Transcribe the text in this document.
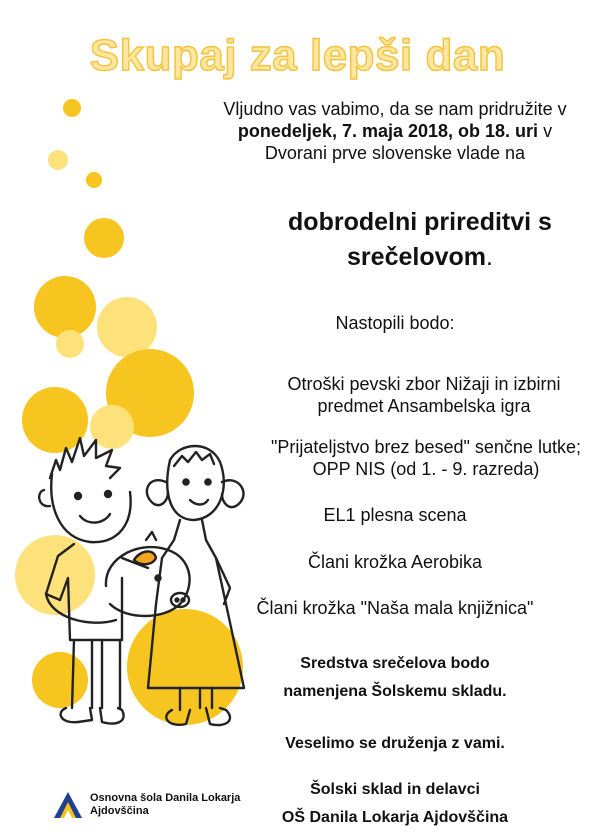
Skupaj za lepši dan
Vljudno vas vabimo, da se nam pridružite v
ponedeljek, 7. maja 2018, ob 18. uri v
Dvorani prve slovenske vlade na
dobrodelni prireditvi s
srečelovom.
Nastopili bodo:
Otroški pevski zbor Nižaji in izbirni predmet Ansambelska igra
"Prijateljstvo brez besed" senčne lutke; OPP NIS (od 1. - 9. razreda)
EL1 plesna scena
Člani krožka Aerobika
Člani krožka "Naša mala knjižnica"
Sredstva srečelova bodo
namenjena Šolskemu skladu.
Veselimo se druženja z vami.
Šolski sklad in delavci
OŠ Danila Lokarja Ajdovščina
Osnovna šola Danila Lokarja
Ajdovščina
